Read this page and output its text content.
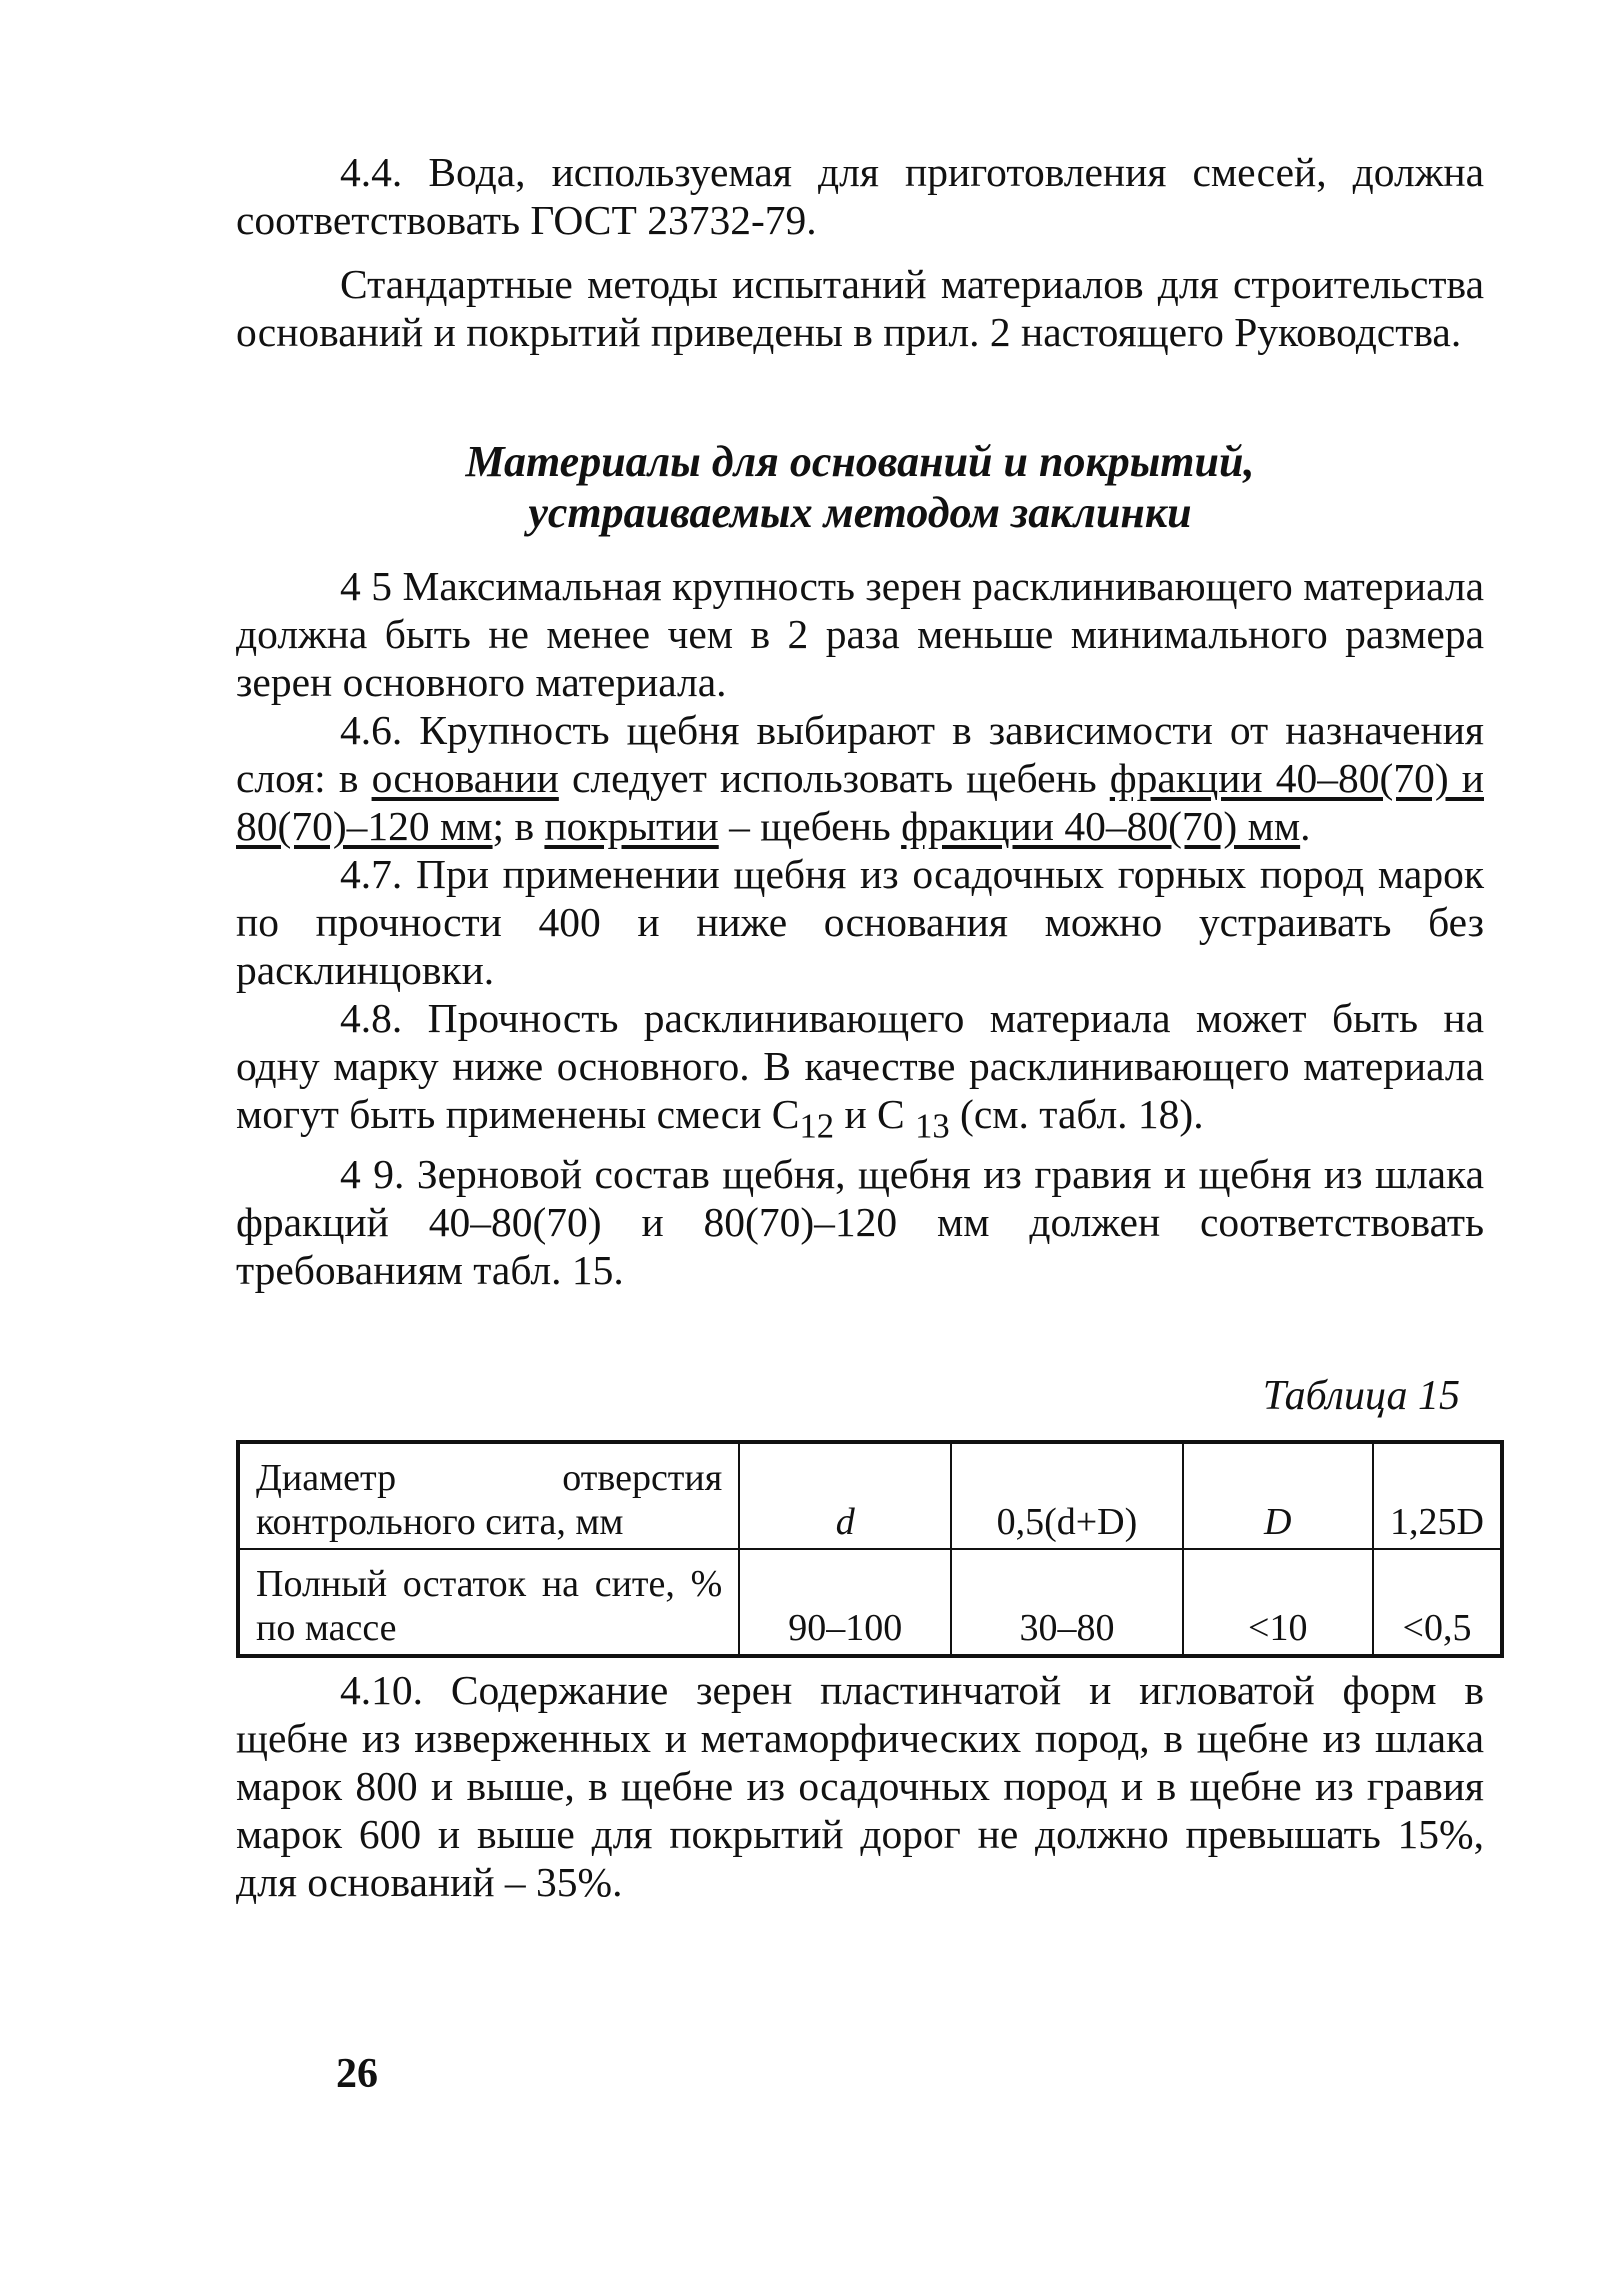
4.4. Вода, используемая для приготовления смесей, должна соответствовать ГОСТ 23732-79.

Стандартные методы испытаний материалов для строительства оснований и покрытий приведены в прил. 2 настоящего Руководства.

Материалы для оснований и покрытий,
устраиваемых методом заклинки

4 5 Максимальная крупность зерен расклинивающего материала должна быть не менее чем в 2 раза меньше минимального размера зерен основного материала.

4.6. Крупность щебня выбирают в зависимости от назначения слоя: в основании следует использовать щебень фракции 40–80(70) и 80(70)–120 мм; в покрытии – щебень фракции 40–80(70) мм.

4.7. При применении щебня из осадочных горных пород марок по прочности 400 и ниже основания можно устраивать без расклинцовки.

4.8. Прочность расклинивающего материала может быть на одну марку ниже основного. В качестве расклинивающего материала могут быть применены смеси $С_{12}$ и С $_{13}$ (см. табл. 18).

4 9. Зерновой состав щебня, щебня из гравия и щебня из шлака фракций 40–80(70) и 80(70)–120 мм должен соответствовать требованиям табл. 15.

Таблица 15
Диаметр отверстия контрольного сита, мм	d	0,5(d+D)	D	1,25D
Полный остаток на сите, % по массе	90–100	30–80	<10	<0,5

4.10. Содержание зерен пластинчатой и игловатой форм в щебне из изверженных и метаморфических пород, в щебне из шлака марок 800 и выше, в щебне из осадочных пород и в щебне из гравия марок 600 и выше для покрытий дорог не должно превышать 15%, для оснований – 35%.

26
